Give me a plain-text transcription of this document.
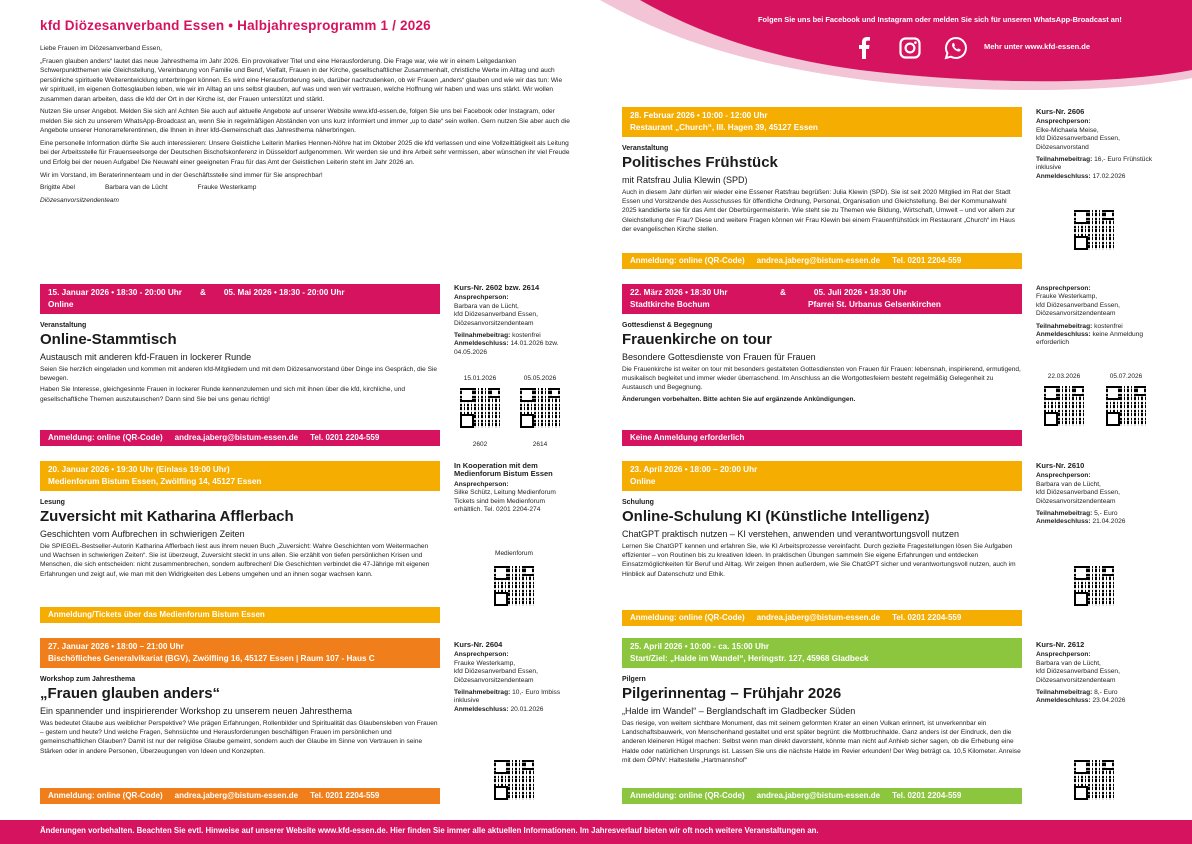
kfd Diözesanverband Essen • Halbjahresprogramm 1 / 2026

Liebe Frauen im Diözesanverband Essen,

„Frauen glauben anders“ lautet das neue Jahresthema im Jahr 2026. Ein provokativer Titel und eine Herausforderung. Die Frage war, wie wir in einem Leitgedanken Schwerpunktthemen wie Gleichstellung, Vereinbarung von Familie und Beruf, Vielfalt, Frauen in der Kirche, gesellschaftlicher Zusammenhalt, christliche Werte im Alltag und auch persönliche spirituelle Weiterentwicklung unterbringen können. Es wird eine Herausforderung sein, darüber nachzudenken, ob wir Frauen „anders“ glauben und wie wir das tun: Wie wir spirituell, im eigenen Gottesglauben leben, wie wir im Alltag an uns selbst glauben, auf was und wen wir vertrauen, welche Hoffnung wir haben und was uns stärkt. Wir wollen zusammen daran arbeiten, dass die kfd der Ort in der Kirche ist, der Frauen unterstützt und stärkt.

Nutzen Sie unser Angebot. Melden Sie sich an! Achten Sie auch auf aktuelle Angebote auf unserer Website www.kfd-essen.de, folgen Sie uns bei Facebook oder Instagram, oder melden Sie sich zu unserem WhatsApp-Broadcast an, wenn Sie in regelmäßigen Abständen von uns kurz informiert und immer „up to date“ sein wollen. Gern nutzen Sie aber auch die Angebote unserer Honorarreferentinnen, die Ihnen in ihrer kfd-Gemeinschaft das Jahresthema näherbringen.

Eine personelle Information dürfte Sie auch interessieren: Unsere Geistliche Leiterin Marlies Hennen-Nöhre hat im Oktober 2025 die kfd verlassen und eine Vollzeittätigkeit als Leitung bei der Arbeitsstelle für Frauenseelsorge der Deutschen Bischofskonferenz in Düsseldorf aufgenommen. Wir werden sie und ihre Arbeit sehr vermissen, aber wünschen ihr viel Freude und Erfolg bei der neuen Aufgabe! Die Neuwahl einer geeigneten Frau für das Amt der Geistlichen Leiterin steht im Jahr 2026 an.

Wir im Vorstand, im Beraterinnenteam und in der Geschäftsstelle sind immer für Sie ansprechbar!

Brigitte Abel	Barbara van de Lücht	Frauke Westerkamp

Diözesanvorsitzendenteam

Folgen Sie uns bei Facebook und Instagram oder melden Sie sich für unseren WhatsApp-Broadcast an!
Mehr unter www.kfd-essen.de
15. Januar 2026 • 18:30 - 20:00 Uhr & 05. Mai 2026 • 18:30 - 20:00 Uhr
Online
Veranstaltung
Online-Stammtisch
Austausch mit anderen kfd-Frauen in lockerer Runde

Seien Sie herzlich eingeladen und kommen mit anderen kfd-Mitgliedern und mit dem Diözesanvorstand über Dinge ins Gespräch, die Sie bewegen.

Haben Sie Interesse, gleichgesinnte Frauen in lockerer Runde kennenzulernen und sich mit ihnen über die kfd, kirchliche, und gesellschaftliche Themen auszutauschen? Dann sind Sie bei uns genau richtig!

Anmeldung: online (QR-Code) andrea.jaberg@bistum-essen.de Tel. 0201 2204-559
Kurs-Nr. 2602 bzw. 2614
Ansprechperson:
Barbara van de Lücht,
kfd Diözesanverband Essen,
Diözesanvorsitzendenteam
Teilnahmebeitrag: kostenfrei
Anmeldeschluss: 14.01.2026 bzw. 04.05.2026
15.01.2026	05.05.2026
2602	2614
20. Januar 2026 • 19:30 Uhr (Einlass 19:00 Uhr)
Medienforum Bistum Essen, Zwölfling 14, 45127 Essen
Lesung
Zuversicht mit Katharina Afflerbach
Geschichten vom Aufbrechen in schwierigen Zeiten

Die SPIEGEL-Bestseller-Autorin Katharina Afflerbach liest aus ihrem neuen Buch „Zuversicht: Wahre Geschichten vom Weitermachen und Wachsen in schwierigen Zeiten“. Sie ist überzeugt, Zuversicht steckt in uns allen. Sie erzählt von tiefen persönlichen Krisen und Menschen, die sich entscheiden: nicht zusammenbrechen, sondern aufbrechen! Die Geschichten verbindet die 47-Jährige mit eigenen Erfahrungen und zeigt auf, wie man mit den Widrigkeiten des Lebens umgehen und an ihnen sogar wachsen kann.

Anmeldung/Tickets über das Medienforum Bistum Essen
In Kooperation mit dem Medienforum Bistum Essen
Ansprechperson:
Silke Schütz, Leitung Medienforum
Tickets sind beim Medienforum erhältlich. Tel. 0201 2204-274
Medienforum
27. Januar 2026 • 18:00 – 21:00 Uhr
Bischöfliches Generalvikariat (BGV), Zwölfling 16, 45127 Essen | Raum 107 - Haus C
Workshop zum Jahresthema
„Frauen glauben anders“
Ein spannender und inspirierender Workshop zu unserem neuen Jahresthema

Was bedeutet Glaube aus weiblicher Perspektive? Wie prägen Erfahrungen, Rollenbilder und Spiritualität das Glaubensleben von Frauen – gestern und heute? Und welche Fragen, Sehnsüchte und Herausforderungen beschäftigen Frauen im persönlichen und gemeinschaftlichen Glauben? Damit ist nur der religiöse Glaube gemeint, sondern auch der Glaube im Sinne von Vertrauen in seine Stärken oder in andere Personen, Überzeugungen von Ideen und Konzepten.

Anmeldung: online (QR-Code) andrea.jaberg@bistum-essen.de Tel. 0201 2204-559
Kurs-Nr. 2604
Ansprechperson:
Frauke Westerkamp,
kfd Diözesanverband Essen,
Diözesanvorsitzendenteam
Teilnahmebeitrag: 10,- Euro Imbiss inklusive
Anmeldeschluss: 20.01.2026
28. Februar 2026 • 10:00 - 12:00 Uhr
Restaurant „Church“, III. Hagen 39, 45127 Essen
Veranstaltung
Politisches Frühstück
mit Ratsfrau Julia Klewin (SPD)

Auch in diesem Jahr dürfen wir wieder eine Essener Ratsfrau begrüßen: Julia Klewin (SPD). Sie ist seit 2020 Mitglied im Rat der Stadt Essen und Vorsitzende des Ausschusses für öffentliche Ordnung, Personal, Organisation und Gleichstellung. Bei der Kommunalwahl 2025 kandidierte sie für das Amt der Oberbürgermeisterin. Wie steht sie zu Themen wie Bildung, Wirtschaft, Umwelt – und vor allem zur Gleichstellung der Frau? Diese und weitere Fragen können wir Frau Klewin bei einem Frauenfrühstück im Restaurant „Church“ im Haus der evangelischen Kirche stellen.

Anmeldung: online (QR-Code) andrea.jaberg@bistum-essen.de Tel. 0201 2204-559
Kurs-Nr. 2606
Ansprechperson:
Elke-Michaela Meise,
kfd Diözesanverband Essen,
Diözesanvorstand
Teilnahmebeitrag: 16,- Euro Frühstück inklusive
Anmeldeschluss: 17.02.2026
22. März 2026 • 18:30 Uhr	&	05. Juli 2026 • 18:30 Uhr
Stadtkirche Bochum	Pfarrei St. Urbanus Gelsenkirchen
Gottesdienst & Begegnung
Frauenkirche on tour
Besondere Gottesdienste von Frauen für Frauen

Die Frauenkirche ist weiter on tour mit besonders gestalteten Gottesdiensten von Frauen für Frauen: lebensnah, inspirierend, ermutigend, musikalisch begleitet und immer wieder überraschend. Im Anschluss an die Wortgottesfeiern besteht regelmäßig Gelegenheit zu Austausch und Begegnung.

Änderungen vorbehalten. Bitte achten Sie auf ergänzende Ankündigungen.

Keine Anmeldung erforderlich
Ansprechperson:
Frauke Westerkamp,
kfd Diözesanverband Essen,
Diözesanvorsitzendenteam
Teilnahmebeitrag: kostenfrei
Anmeldeschluss: keine Anmeldung erforderlich
22.03.2026	05.07.2026
23. April 2026 • 18:00 – 20:00 Uhr
Online
Schulung
Online-Schulung KI (Künstliche Intelligenz)
ChatGPT praktisch nutzen – KI verstehen, anwenden und verantwortungsvoll nutzen

Lernen Sie ChatGPT kennen und erfahren Sie, wie KI Arbeitsprozesse vereinfacht. Durch gezielte Fragestellungen lösen Sie Aufgaben effizienter – von Routinen bis zu kreativen Ideen. In praktischen Übungen sammeln Sie eigene Erfahrungen und entdecken Einsatzmöglichkeiten für Beruf und Alltag. Wir zeigen Ihnen außerdem, wie Sie ChatGPT sicher und verantwortungsvoll nutzen, auch im Hinblick auf Datenschutz und Ethik.

Anmeldung: online (QR-Code) andrea.jaberg@bistum-essen.de Tel. 0201 2204-559
Kurs-Nr. 2610
Ansprechperson:
Barbara van de Lücht,
kfd Diözesanverband Essen,
Diözesanvorsitzendenteam
Teilnahmebeitrag: 5,- Euro
Anmeldeschluss: 21.04.2026
25. April 2026 • 10:00 - ca. 15:00 Uhr
Start/Ziel: „Halde im Wandel“, Heringstr. 127, 45968 Gladbeck
Pilgern
Pilgerinnentag – Frühjahr 2026
„Halde im Wandel“ – Berglandschaft im Gladbecker Süden

Das riesige, von weitem sichtbare Monument, das mit seinem geformten Krater an einen Vulkan erinnert, ist unverkennbar ein Landschaftsbauwerk, von Menschenhand gestaltet und erst später begrünt: die Mottbruchhalde. Ganz anders ist der Eindruck, den die anderen kleineren Hügel machen: Selbst wenn man direkt davorsteht, könnte man nicht auf Anhieb sicher sagen, ob die Erhebung eine Halde oder natürlichen Ursprungs ist. Lassen Sie uns die nächste Halde im Revier erkunden! Der Weg beträgt ca. 10,5 Kilometer. Anreise mit dem ÖPNV: Haltestelle „Hartmannshof“

Anmeldung: online (QR-Code) andrea.jaberg@bistum-essen.de Tel. 0201 2204-559
Kurs-Nr. 2612
Ansprechperson:
Barbara van de Lücht,
kfd Diözesanverband Essen,
Diözesanvorsitzendenteam
Teilnahmebeitrag: 8,- Euro
Anmeldeschluss: 23.04.2026
Änderungen vorbehalten. Beachten Sie evtl. Hinweise auf unserer Website www.kfd-essen.de. Hier finden Sie immer alle aktuellen Informationen. Im Jahresverlauf bieten wir oft noch weitere Veranstaltungen an.
